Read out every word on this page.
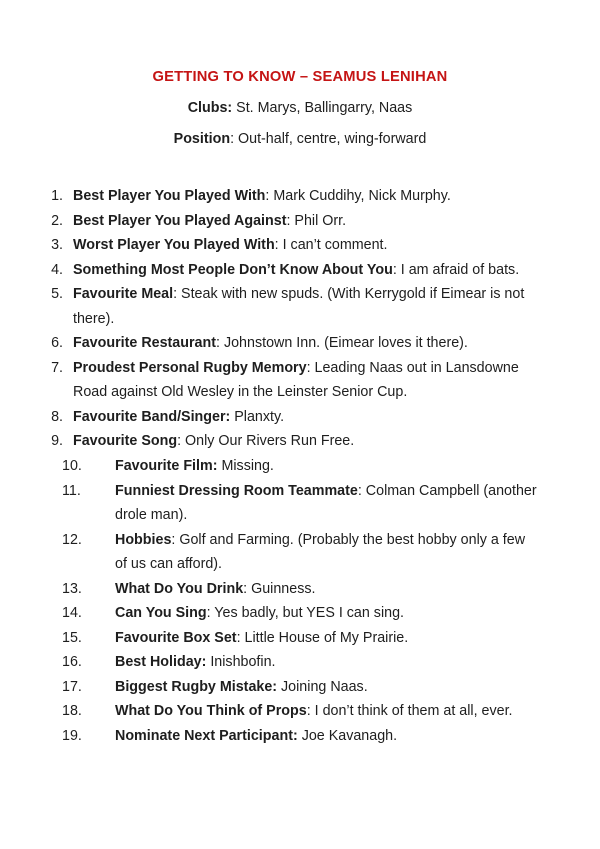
GETTING TO KNOW – SEAMUS LENIHAN
Clubs: St. Marys, Ballingarry, Naas
Position: Out-half, centre, wing-forward
1. Best Player You Played With: Mark Cuddihy, Nick Murphy.
2. Best Player You Played Against: Phil Orr.
3. Worst Player You Played With: I can’t comment.
4. Something Most People Don’t Know About You: I am afraid of bats.
5. Favourite Meal: Steak with new spuds. (With Kerrygold if Eimear is not
there).
6. Favourite Restaurant: Johnstown Inn. (Eimear loves it there).
7. Proudest Personal Rugby Memory: Leading Naas out in Lansdowne
Road against Old Wesley in the Leinster Senior Cup.
8. Favourite Band/Singer: Planxty.
9. Favourite Song: Only Our Rivers Run Free.
10.	Favourite Film: Missing.
11.	Funniest Dressing Room Teammate: Colman Campbell (another
drole man).
12.	Hobbies: Golf and Farming. (Probably the best hobby only a few
of us can afford).
13.	What Do You Drink: Guinness.
14.	Can You Sing: Yes badly, but YES I can sing.
15.	Favourite Box Set: Little House of My Prairie.
16.	Best Holiday: Inishbofin.
17.	Biggest Rugby Mistake: Joining Naas.
18.	What Do You Think of Props: I don’t think of them at all, ever.
19.	Nominate Next Participant: Joe Kavanagh.
